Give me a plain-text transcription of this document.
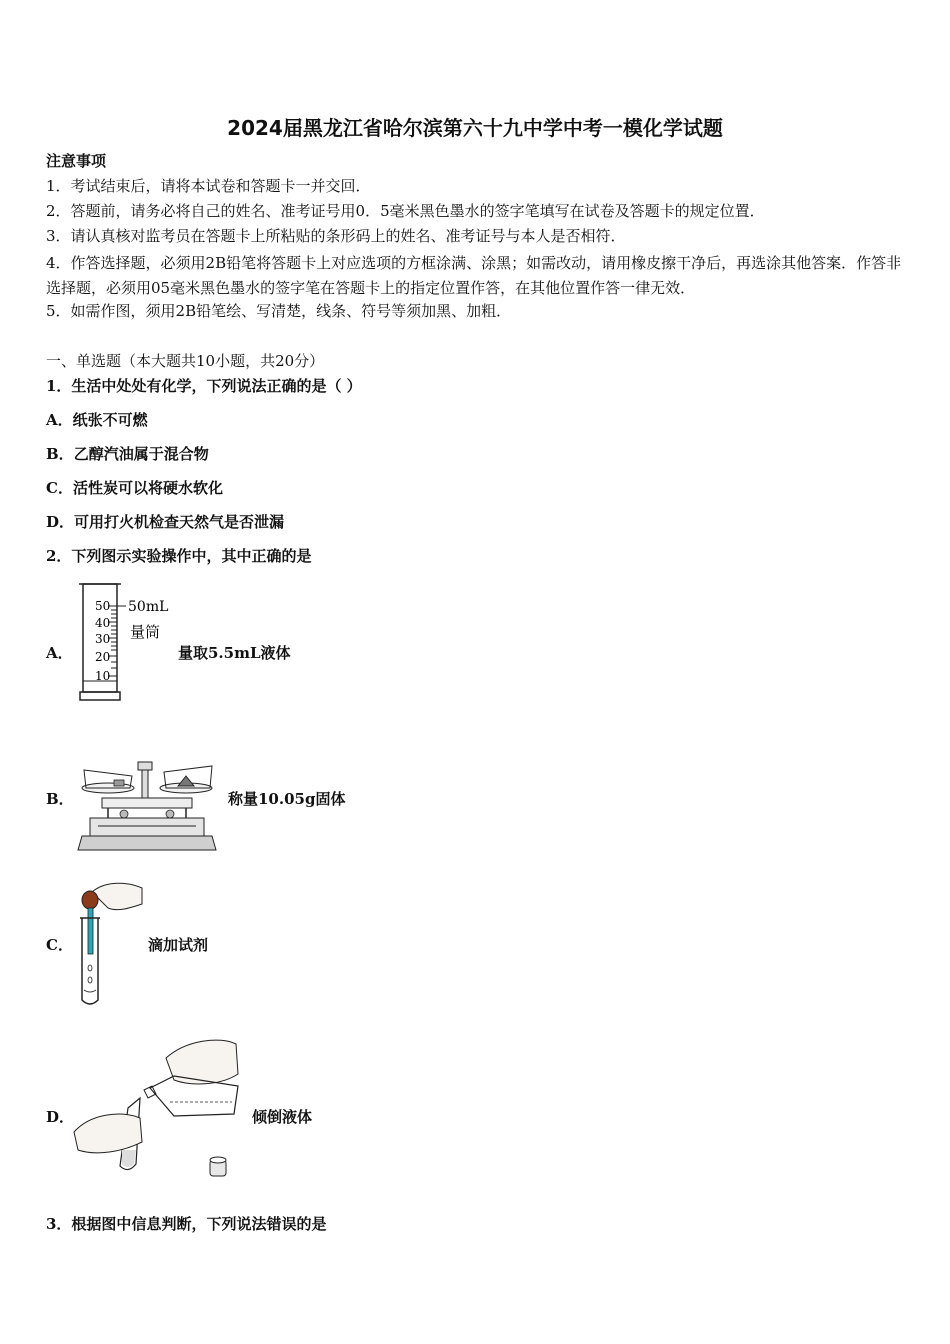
2024届黑龙江省哈尔滨第六十九中学中考一模化学试题
注意事项
1．考试结束后，请将本试卷和答题卡一并交回．
2．答题前，请务必将自己的姓名、准考证号用0．5毫米黑色墨水的签字笔填写在试卷及答题卡的规定位置．
3．请认真核对监考员在答题卡上所粘贴的条形码上的姓名、准考证号与本人是否相符．
4．作答选择题，必须用2B铅笔将答题卡上对应选项的方框涂满、涂黑；如需改动，请用橡皮擦干净后，再选涂其他答案．作答非选择题，必须用05毫米黑色墨水的签字笔在答题卡上的指定位置作答，在其他位置作答一律无效．
5．如需作图，须用2B铅笔绘、写清楚，线条、符号等须加黑、加粗．
一、单选题（本大题共10小题，共20分）
1．生活中处处有化学，下列说法正确的是（ ）
A．纸张不可燃
B．乙醇汽油属于混合物
C．活性炭可以将硬水软化
D．可用打火机检查天然气是否泄漏
2．下列图示实验操作中，其中正确的是
A．
50
40
30
20
10
50mL
量筒
量取5.5mL液体
B．	称量10.05g固体
C．	滴加试剂
D．	倾倒液体
3．根据图中信息判断，下列说法错误的是
